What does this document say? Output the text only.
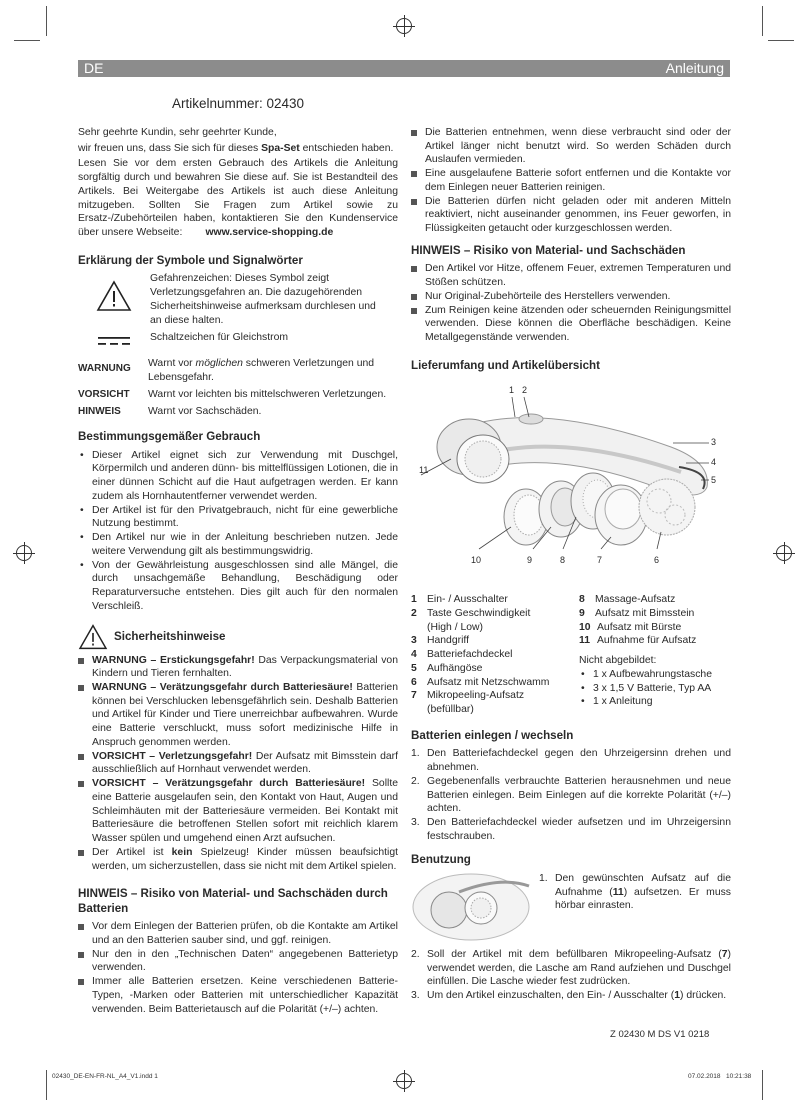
DE	Anleitung
Artikelnummer: 02430

Sehr geehrte Kundin, sehr geehrter Kunde,

wir freuen uns, dass Sie sich für dieses Spa-Set entschieden haben.

Lesen Sie vor dem ersten Gebrauch des Artikels die Anleitung sorgfältig durch und bewahren Sie diese auf. Sie ist Bestandteil des Artikels. Bei Weitergabe des Artikels ist auch diese Anleitung mitzugeben. Sollten Sie Fragen zum Artikel sowie zu Ersatz-/Zubehörteilen haben, kontaktieren Sie den Kundenservice über unsere Webseite: www.service-shopping.de

Erklärung der Symbole und Signalwörter

Gefahrenzeichen: Dieses Symbol zeigt Verletzungsgefahren an. Die dazugehörenden Sicherheitshinweise aufmerksam durchlesen und an diese halten.

Schaltzeichen für Gleichstrom

WARNUNG	Warnt vor möglichen schweren Verletzungen und Lebensgefahr.
VORSICHT	Warnt vor leichten bis mittelschweren Verletzungen.
HINWEIS	Warnt vor Sachschäden.
Bestimmungsgemäßer Gebrauch
• Dieser Artikel eignet sich zur Verwendung mit Duschgel, Körpermilch und anderen dünn- bis mittelflüssigen Lotionen, die in einer dünnen Schicht auf die Haut aufgetragen werden. Er kann zudem als Hornhautentferner verwendet werden.
• Der Artikel ist für den Privatgebrauch, nicht für eine gewerbliche Nutzung bestimmt.
• Den Artikel nur wie in der Anleitung beschrieben nutzen. Jede weitere Verwendung gilt als bestimmungswidrig.
• Von der Gewährleistung ausgeschlossen sind alle Mängel, die durch unsachgemäße Behandlung, Beschädigung oder Reparaturversuche entstehen. Dies gilt auch für den normalen Verschleiß.
Sicherheitshinweise
WARNUNG – Erstickungsgefahr! Das Verpackungsmaterial von Kindern und Tieren fernhalten.
WARNUNG – Verätzungsgefahr durch Batteriesäure! Batterien können bei Verschlucken lebensgefährlich sein. Deshalb Batterien und Artikel für Kinder und Tiere unerreichbar aufbewahren. Wurde eine Batterie verschluckt, muss sofort medizinische Hilfe in Anspruch genommen werden.
VORSICHT – Verletzungsgefahr! Der Aufsatz mit Bimsstein darf ausschließlich auf Hornhaut verwendet werden.
VORSICHT – Verätzungsgefahr durch Batteriesäure! Sollte eine Batterie ausgelaufen sein, den Kontakt von Haut, Augen und Schleimhäuten mit der Batteriesäure vermeiden. Bei Kontakt mit Batteriesäure die betroffenen Stellen sofort mit reichlich klarem Wasser spülen und umgehend einen Arzt aufsuchen.
Der Artikel ist kein Spielzeug! Kinder müssen beaufsichtigt werden, um sicherzustellen, dass sie nicht mit dem Artikel spielen.
HINWEIS – Risiko von Material- und Sachschäden durch Batterien
Vor dem Einlegen der Batterien prüfen, ob die Kontakte am Artikel und an den Batterien sauber sind, und ggf. reinigen.
Nur den in den „Technischen Daten“ angegebenen Batterietyp verwenden.
Immer alle Batterien ersetzen. Keine verschiedenen Batterie-Typen, -Marken oder Batterien mit unterschiedlicher Kapazität verwenden. Beim Batterietausch auf die Polarität (+/–) achten.
Die Batterien entnehmen, wenn diese verbraucht sind oder der Artikel länger nicht benutzt wird. So werden Schäden durch Auslaufen vermieden.
Eine ausgelaufene Batterie sofort entfernen und die Kontakte vor dem Einlegen neuer Batterien reinigen.
Die Batterien dürfen nicht geladen oder mit anderen Mitteln reaktiviert, nicht auseinander genommen, ins Feuer geworfen, in Flüssigkeiten getaucht oder kurzgeschlossen werden.
HINWEIS – Risiko von Material- und Sachschäden
Den Artikel vor Hitze, offenem Feuer, extremen Temperaturen und Stößen schützen.
Nur Original-Zubehörteile des Herstellers verwenden.
Zum Reinigen keine ätzenden oder scheuernden Reinigungsmittel verwenden. Diese können die Oberfläche beschädigen. Keine Metallgegenstände verwenden.
Lieferumfang und Artikelübersicht
1 2
3
4
5
6
7
8
9
10
11
1 Ein- / Ausschalter
2 Taste Geschwindigkeit (High / Low)
3 Handgriff
4 Batteriefachdeckel
5 Aufhängöse
6 Aufsatz mit Netzschwamm
7 Mikropeeling-Aufsatz (befüllbar)
8 Massage-Aufsatz
9 Aufsatz mit Bimsstein
10 Aufsatz mit Bürste
11 Aufnahme für Aufsatz

Nicht abgebildet:

• 1 x Aufbewahrungstasche
• 3 x 1,5 V Batterie, Typ AA
• 1 x Anleitung
Batterien einlegen / wechseln
1. Den Batteriefachdeckel gegen den Uhrzeigersinn drehen und abnehmen.
2. Gegebenenfalls verbrauchte Batterien herausnehmen und neue Batterien einlegen. Beim Einlegen auf die korrekte Polarität (+/–) achten.
3. Den Batteriefachdeckel wieder aufsetzen und im Uhrzeigersinn festschrauben.
Benutzung
1. Den gewünschten Aufsatz auf die Aufnahme (11) aufsetzen. Er muss hörbar einrasten.
2. Soll der Artikel mit dem befüllbaren Mikropeeling-Aufsatz (7) verwendet werden, die Lasche am Rand aufziehen und Duschgel einfüllen. Die Lasche wieder fest zudrücken.
3. Um den Artikel einzuschalten, den Ein- / Ausschalter (1) drücken.
Z 02430 M DS V1 0218
02430_DE-EN-FR-NL_A4_V1.indd 1	07.02.2018 10:21:38
